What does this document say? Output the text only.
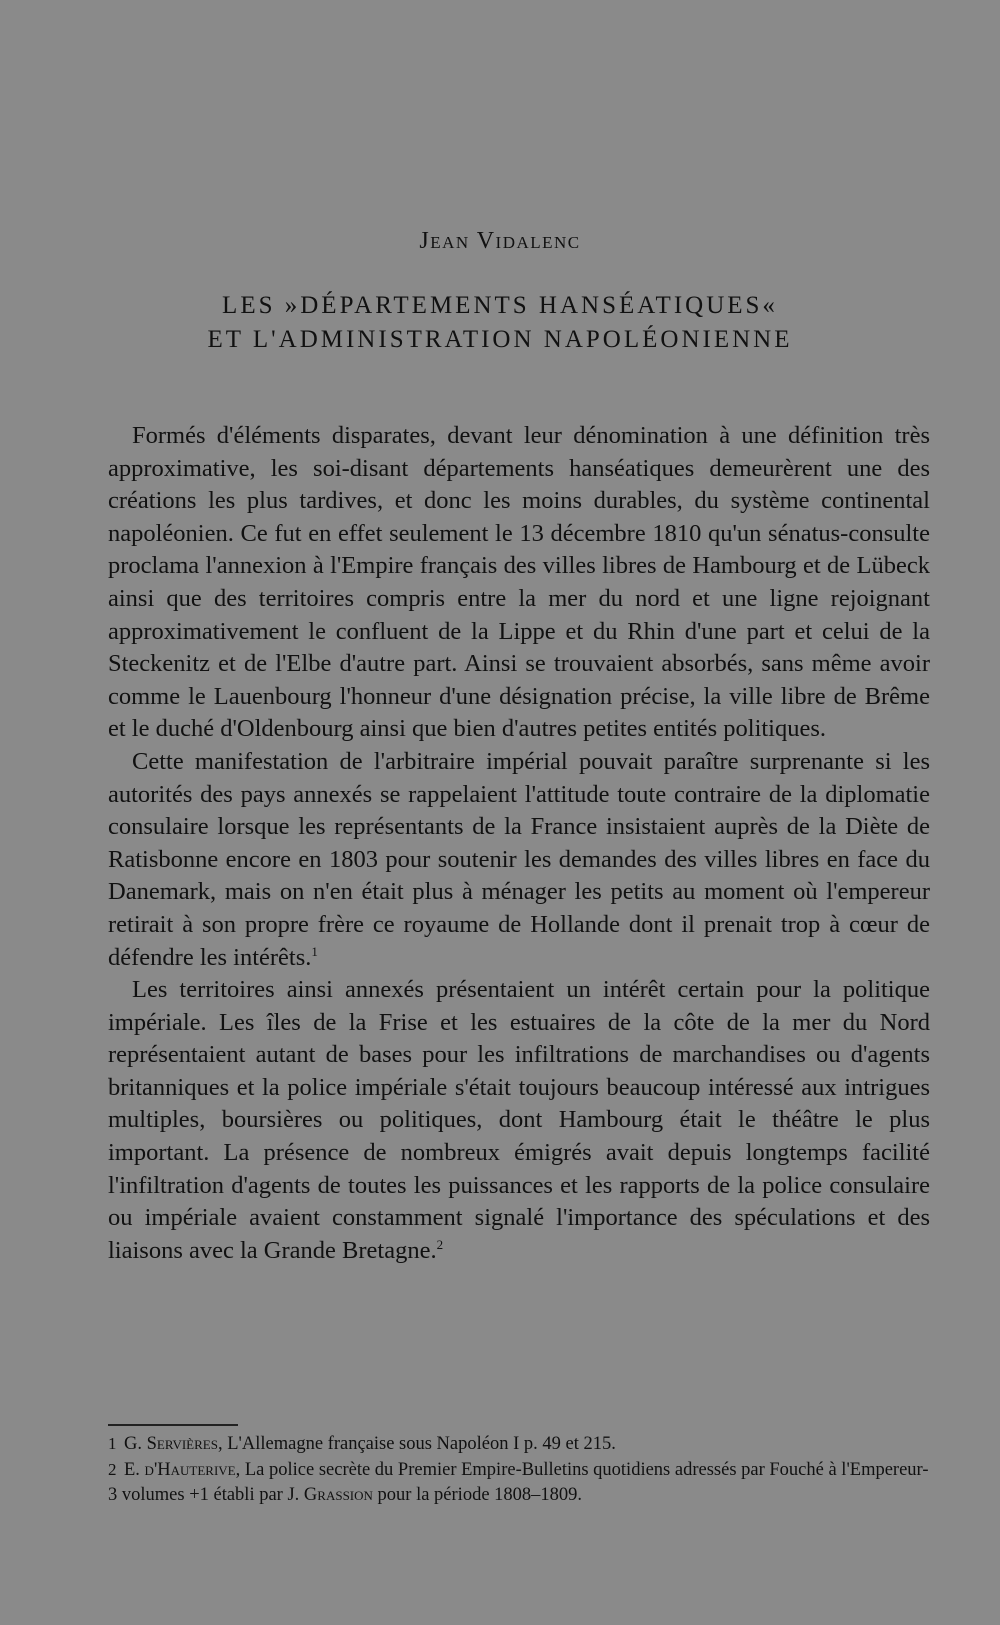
Jean Vidalenc
LES »DÉPARTEMENTS HANSÉATIQUES«
ET L'ADMINISTRATION NAPOLÉONIENNE

Formés d'éléments disparates, devant leur dénomination à une définition très approximative, les soi-disant départements hanséatiques demeurèrent une des créations les plus tardives, et donc les moins durables, du système continental napoléonien. Ce fut en effet seulement le 13 décembre 1810 qu'un sénatus-consulte proclama l'annexion à l'Empire français des villes libres de Hambourg et de Lübeck ainsi que des territoires compris entre la mer du nord et une ligne rejoignant approximativement le confluent de la Lippe et du Rhin d'une part et celui de la Steckenitz et de l'Elbe d'autre part. Ainsi se trouvaient absorbés, sans même avoir comme le Lauenbourg l'honneur d'une désignation précise, la ville libre de Brême et le duché d'Oldenbourg ainsi que bien d'autres petites entités politiques.

Cette manifestation de l'arbitraire impérial pouvait paraître surprenante si les autorités des pays annexés se rappelaient l'attitude toute contraire de la diplomatie consulaire lorsque les représentants de la France insistaient auprès de la Diète de Ratisbonne encore en 1803 pour soutenir les demandes des villes libres en face du Danemark, mais on n'en était plus à ménager les petits au moment où l'empereur retirait à son propre frère ce royaume de Hollande dont il prenait trop à cœur de défendre les intérêts.$^1$

Les territoires ainsi annexés présentaient un intérêt certain pour la politique impériale. Les îles de la Frise et les estuaires de la côte de la mer du Nord représentaient autant de bases pour les infiltrations de marchandises ou d'agents britanniques et la police impériale s'était toujours beaucoup intéressé aux intrigues multiples, boursières ou politiques, dont Hambourg était le théâtre le plus important. La présence de nombreux émigrés avait depuis longtemps facilité l'infiltration d'agents de toutes les puissances et les rapports de la police consulaire ou impériale avaient constamment signalé l'importance des spéculations et des liaisons avec la Grande Bretagne.$^2$

1 G. Servières, L'Allemagne française sous Napoléon I p. 49 et 215.

2 E. d'Hauterive, La police secrète du Premier Empire-Bulletins quotidiens adressés par Fouché à l'Empereur-3 volumes +1 établi par J. Grassion pour la période 1808–1809.
